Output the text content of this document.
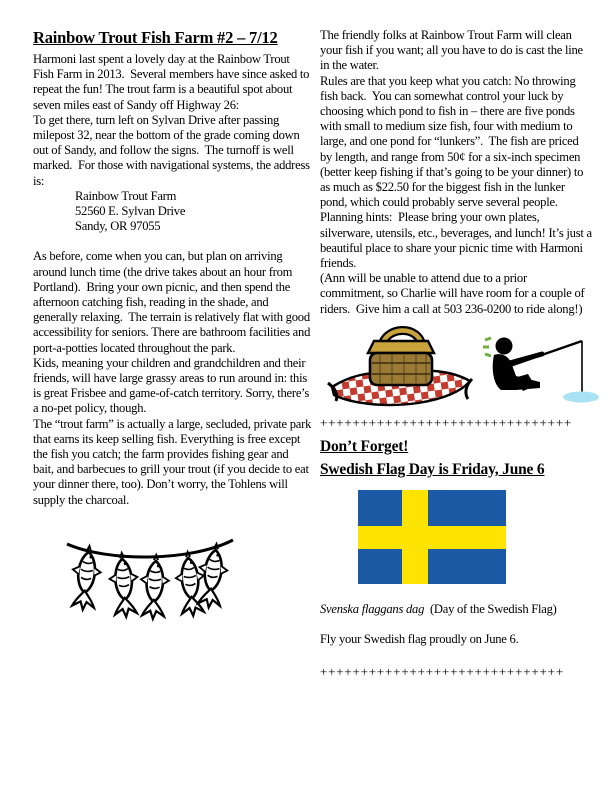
Rainbow Trout Fish Farm #2 – 7/12

Harmoni last spent a lovely day at the Rainbow Trout Fish Farm in 2013.  Several members have since asked to repeat the fun! The trout farm is a beautiful spot about seven miles east of Sandy off Highway 26:

To get there, turn left on Sylvan Drive after passing milepost 32, near the bottom of the grade coming down out of Sandy, and follow the signs.  The turnoff is well marked.  For those with navigational systems, the address is:

Rainbow Trout Farm
52560 E. Sylvan Drive
Sandy, OR 97055

As before, come when you can, but plan on arriving around lunch time (the drive takes about an hour from Portland).  Bring your own picnic, and then spend the afternoon catching fish, reading in the shade, and generally relaxing.  The terrain is relatively flat with good accessibility for seniors. There are bathroom facilities and port-a-potties located throughout the park.

Kids, meaning your children and grandchildren and their friends, will have large grassy areas to run around in: this is great Frisbee and game-of-catch territory. Sorry, there’s a no-pet policy, though.

The “trout farm” is actually a large, secluded, private park that earns its keep selling fish. Everything is free except the fish you catch; the farm provides fishing gear and bait, and barbecues to grill your trout (if you decide to eat your dinner there, too). Don’t worry, the Tohlens will supply the charcoal.

The friendly folks at Rainbow Trout Farm will clean your fish if you want; all you have to do is cast the line in the water.

Rules are that you keep what you catch: No throwing fish back.  You can somewhat control your luck by choosing which pond to fish in – there are five ponds with small to medium size fish, four with medium to large, and one pond for “lunkers”.  The fish are priced by length, and range from 50¢ for a six-inch specimen (better keep fishing if that’s going to be your dinner) to as much as $22.50 for the biggest fish in the lunker pond, which could probably serve several people.

Planning hints:  Please bring your own plates, silverware, utensils, etc., beverages, and lunch! It’s just a beautiful place to share your picnic time with Harmoni friends.

(Ann will be unable to attend due to a prior commitment, so Charlie will have room for a couple of riders.  Give him a call at 503 236-0200 to ride along!)

+++++++++++++++++++++++++++++++
Don’t Forget!
Swedish Flag Day is Friday, June 6

Svenska flaggans dag  (Day of the Swedish Flag)

Fly your Swedish flag proudly on June 6.

++++++++++++++++++++++++++++++
